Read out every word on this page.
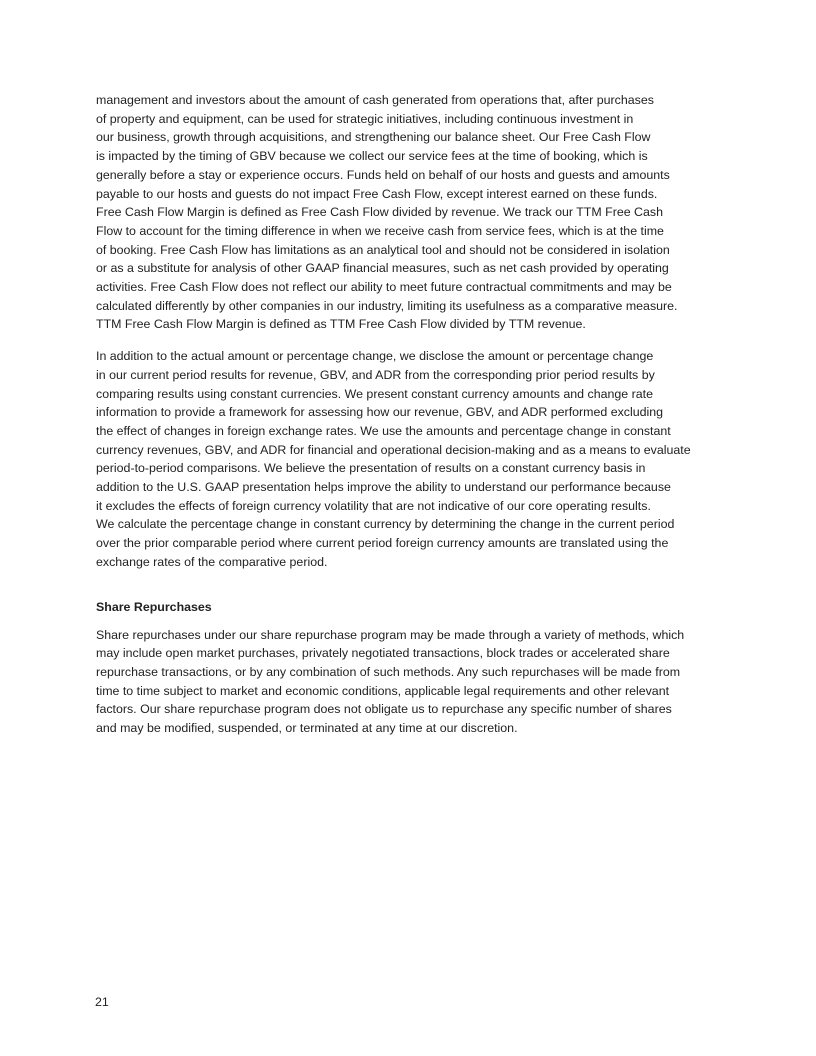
management and investors about the amount of cash generated from operations that, after purchases
of property and equipment, can be used for strategic initiatives, including continuous investment in
our business, growth through acquisitions, and strengthening our balance sheet. Our Free Cash Flow
is impacted by the timing of GBV because we collect our service fees at the time of booking, which is
generally before a stay or experience occurs. Funds held on behalf of our hosts and guests and amounts
payable to our hosts and guests do not impact Free Cash Flow, except interest earned on these funds.
Free Cash Flow Margin is defined as Free Cash Flow divided by revenue. We track our TTM Free Cash
Flow to account for the timing difference in when we receive cash from service fees, which is at the time
of booking. Free Cash Flow has limitations as an analytical tool and should not be considered in isolation
or as a substitute for analysis of other GAAP financial measures, such as net cash provided by operating
activities. Free Cash Flow does not reflect our ability to meet future contractual commitments and may be
calculated differently by other companies in our industry, limiting its usefulness as a comparative measure.
TTM Free Cash Flow Margin is defined as TTM Free Cash Flow divided by TTM revenue.

In addition to the actual amount or percentage change, we disclose the amount or percentage change
in our current period results for revenue, GBV, and ADR from the corresponding prior period results by
comparing results using constant currencies. We present constant currency amounts and change rate
information to provide a framework for assessing how our revenue, GBV, and ADR performed excluding
the effect of changes in foreign exchange rates. We use the amounts and percentage change in constant
currency revenues, GBV, and ADR for financial and operational decision-making and as a means to evaluate
period-to-period comparisons. We believe the presentation of results on a constant currency basis in
addition to the U.S. GAAP presentation helps improve the ability to understand our performance because
it excludes the effects of foreign currency volatility that are not indicative of our core operating results.
We calculate the percentage change in constant currency by determining the change in the current period
over the prior comparable period where current period foreign currency amounts are translated using the
exchange rates of the comparative period.

Share Repurchases

Share repurchases under our share repurchase program may be made through a variety of methods, which
may include open market purchases, privately negotiated transactions, block trades or accelerated share
repurchase transactions, or by any combination of such methods. Any such repurchases will be made from
time to time subject to market and economic conditions, applicable legal requirements and other relevant
factors. Our share repurchase program does not obligate us to repurchase any specific number of shares
and may be modified, suspended, or terminated at any time at our discretion.

21
